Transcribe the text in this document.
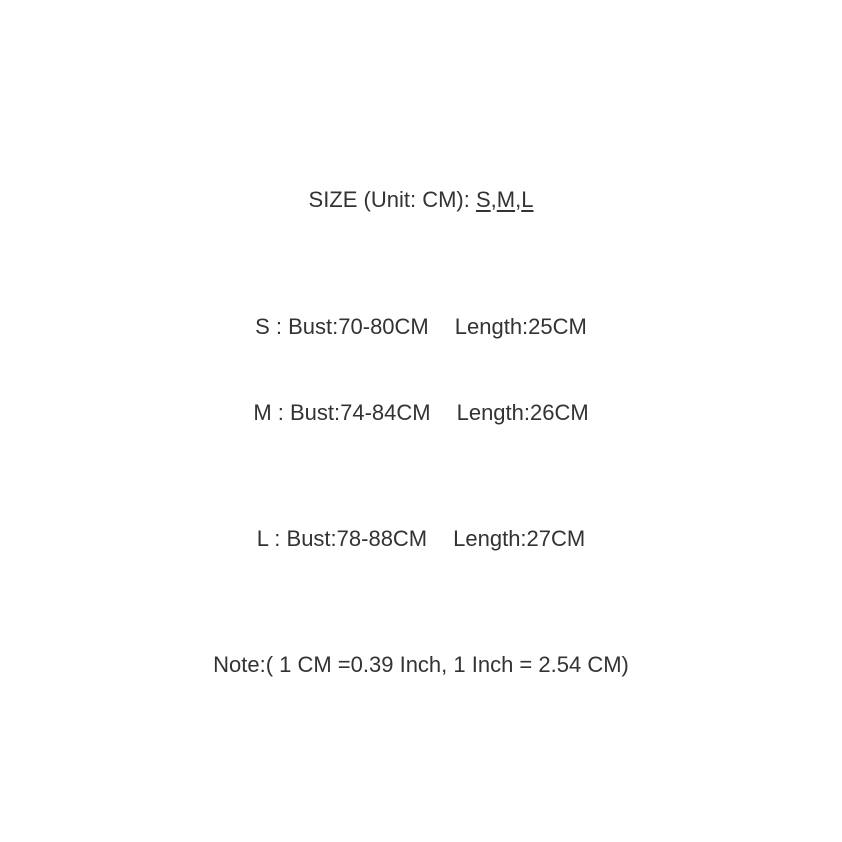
SIZE (Unit: CM): S,M,L
S : Bust:70-80CM Length:25CM
M : Bust:74-84CM Length:26CM
L : Bust:78-88CM Length:27CM
Note:( 1 CM =0.39 Inch, 1 Inch = 2.54 CM)
